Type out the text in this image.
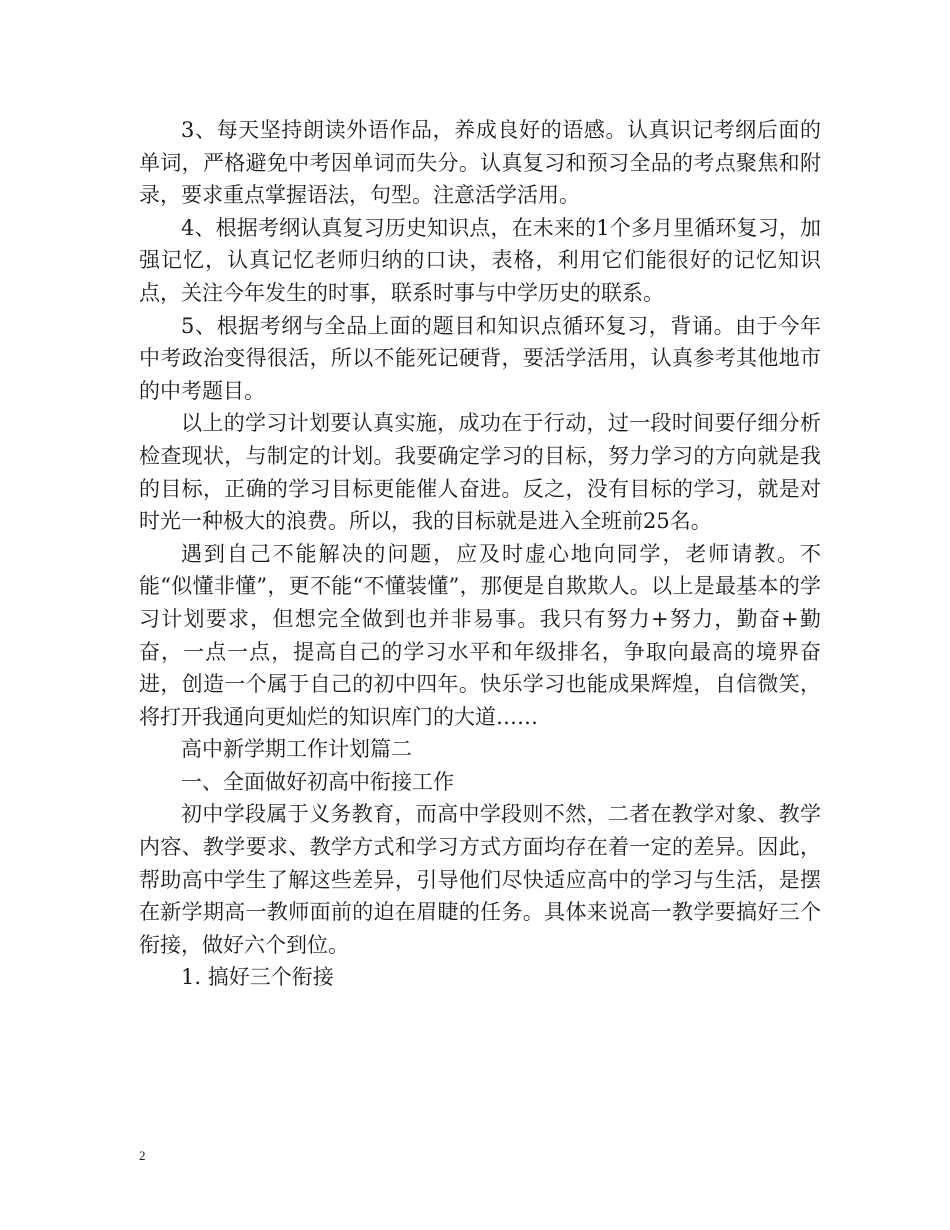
3、每天坚持朗读外语作品，养成良好的语感。认真识记考纲后面的单词，严格避免中考因单词而失分。认真复习和预习全品的考点聚焦和附录，要求重点掌握语法，句型。注意活学活用。

4、根据考纲认真复习历史知识点，在未来的1个多月里循环复习，加强记忆，认真记忆老师归纳的口诀，表格，利用它们能很好的记忆知识点，关注今年发生的时事，联系时事与中学历史的联系。

5、根据考纲与全品上面的题目和知识点循环复习，背诵。由于今年中考政治变得很活，所以不能死记硬背，要活学活用，认真参考其他地市的中考题目。

以上的学习计划要认真实施，成功在于行动，过一段时间要仔细分析检查现状，与制定的计划。我要确定学习的目标，努力学习的方向就是我的目标，正确的学习目标更能催人奋进。反之，没有目标的学习，就是对时光一种极大的浪费。所以，我的目标就是进入全班前25名。

遇到自己不能解决的问题，应及时虚心地向同学，老师请教。不能“似懂非懂”，更不能“不懂装懂”，那便是自欺欺人。以上是最基本的学习计划要求，但想完全做到也并非易事。我只有努力+努力，勤奋+勤奋，一点一点，提高自己的学习水平和年级排名，争取向最高的境界奋进，创造一个属于自己的初中四年。快乐学习也能成果辉煌，自信微笑，将打开我通向更灿烂的知识库门的大道……

高中新学期工作计划篇二

一、全面做好初高中衔接工作

初中学段属于义务教育，而高中学段则不然，二者在教学对象、教学内容、教学要求、教学方式和学习方式方面均存在着一定的差异。因此，帮助高中学生了解这些差异，引导他们尽快适应高中的学习与生活，是摆在新学期高一教师面前的迫在眉睫的任务。具体来说高一教学要搞好三个衔接，做好六个到位。

1. 搞好三个衔接

2
